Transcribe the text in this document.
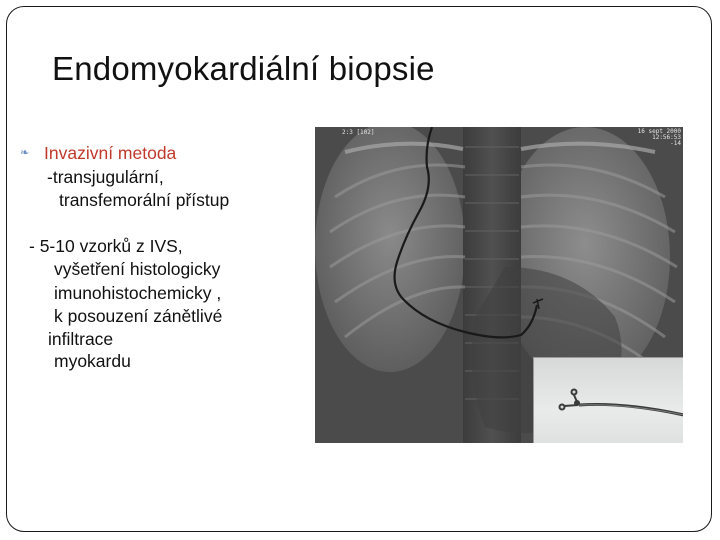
Endomyokardiální biopsie
❧ Invazivní metoda
-transjugulární,
transfemorální přístup
- 5-10 vzorků z IVS,
vyšetření histologicky
imunohistochemicky ,
k posouzení zánětlivé
infiltrace
myokardu
2:3 [102]	16 sept 2000
12:56:53
-14
